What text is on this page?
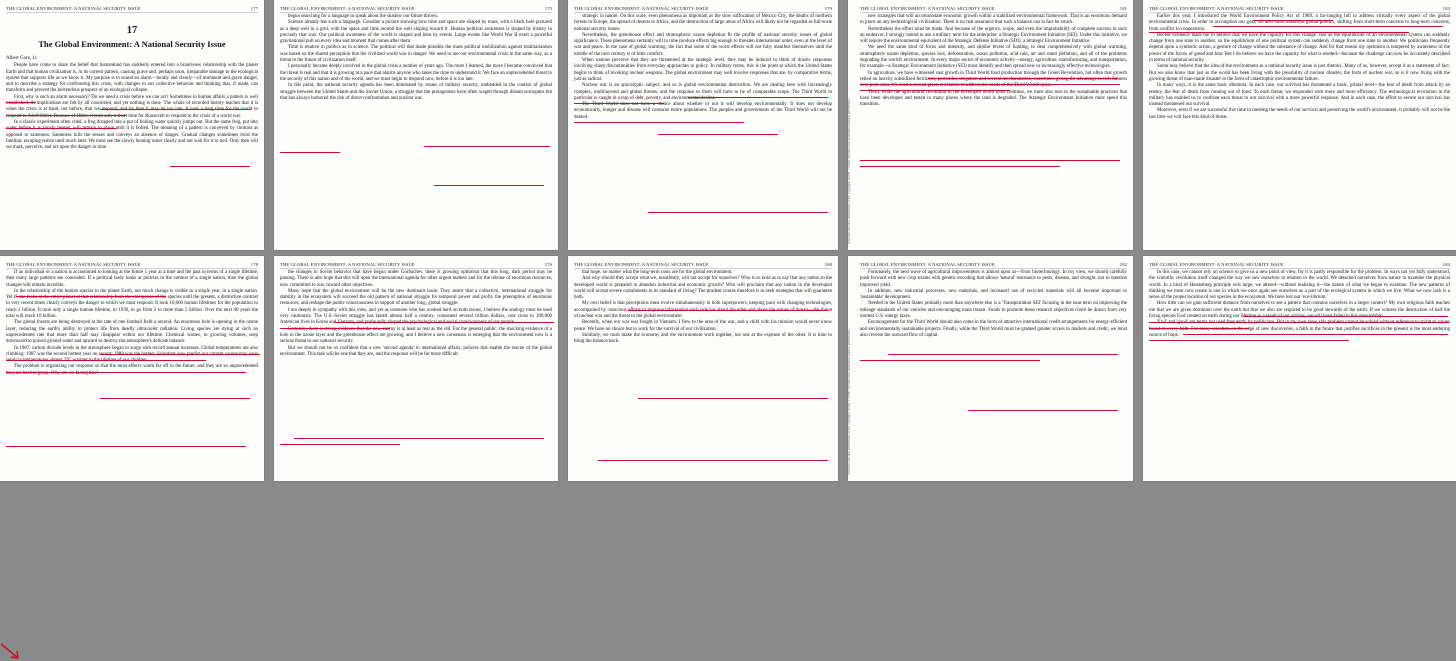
THE GLOBAL ENVIRONMENT: A NATIONAL SECURITY ISSUE	177
17
The Global Environment: A National Security Issue
Albert Gore, Jr.

People have come to share the belief that humankind has suddenly entered into a brand-new relationship with the planet Earth and that human civilization is, in its current pattern, causing grave and, perhaps soon, irreparable damage to the ecological system that supports life as we know it. My purpose is to sound an alarm—loudly and clearly—of imminent and grave danger, and to describe a strategy for confronting this crisis, with changes in our collective behavior and thinking that, if made, can transform and prevent the horrendous prospect of an ecological collapse.

First, why is such an alarm necessary? Do we need a crisis before we can act? Sometimes in human affairs a pattern is well established, its implications are felt by all concerned, and yet nothing is done. The whole of recorded history teaches that it is when the crisis is at hand, not before, that we respond, and by then it may be too late. It took a long time for the world to respond to Adolf Hitler. Because of Hitler, it took only a short time for Roosevelt to respond to the crisis of a world war.

In a classic experiment often cited, a frog dropped into a pot of boiling water quickly jumps out. But the same frog, put into water before it is slowly heated, will remain in place until it is boiled. The meaning of a pattern is conveyed by contrast as opposed to sameness. Sameness lulls the senses and conveys an absence of danger. Gradual changes sometimes twist the familiar, escaping notice until much later. We must see the slowly heating water clearly and not wait for it to boil. Only then will we mark, perceive, and act upon the danger in time.

THE GLOBAL ENVIRONMENT: A NATIONAL SECURITY ISSUE	175

begun searching for a language to speak about the shadow our future throws.

Science already has such a language. Consider a picture showing how time and space are shaped by mass, with a black hole pictured as a deep well in a grid, with the space and time around the well sloping toward it. Human political awareness is shaped by history in precisely that way. Our political awareness of the world is shaped and bent by events. Large events like World War II exert a powerful gravitational pull on every idea and moment that comes after them.

Time is relative in politics as in science. The political will that made possible the mass political mobilization against totalitarianism was based on the shared perception that the civilized world was in danger. We need to see our environmental crisis in the same way, as a threat to the future of civilization itself.

I personally became deeply involved in the global crisis a number of years ago. The more I learned, the more I became convinced that the threat is real and that it is growing at a pace that alarms anyone who takes the time to understand it. We face an unprecedented threat to the security of this nation and of the world, and we must begin to respond now, before it is too late.

In this point, the national security agenda has been dominated by issues of military security, embedded in the context of global struggle between the United States and the Soviet Union, a struggle that the protagonists have often waged through distant surrogates but that has always harbored the risk of direct confrontation and nuclear war.

THE GLOBAL ENVIRONMENT: A NATIONAL SECURITY ISSUE	179

strategic in nature. On this scale, even phenomena as important as the slow suffocation of Mexico City, the deaths of northern forests in Europe, the spread of deserts in Africa, and the destruction of large areas of Africa will likely not be regarded as full-scale national security issues.

Nevertheless, the greenhouse effect and stratospheric ozone depletion fit the profile of national security issues of global significance. These phenomena certainly will in time produce effects big enough to threaten international order, even at the level of war and peace. In the case of global warming, the fact that some of the worst effects will not fully manifest themselves until the middle of the next century is of little comfort.

When nations perceive that they are threatened at the strategic level, they may be induced to think of drastic responses involving sharp discontinuities from everyday approaches to policy. In military terms, this is the point at which the United States begins to think of invoking nuclear weapons. The global environment may well involve responses that are, by comparative terms, just as radical.

Nuclear war is an apocalyptic subject, and so is global environmental destruction. We are dealing here with increasingly complex, multilayered and global threats, and the response to them will have to be of comparable scope. The Third World in particular is caught in a trap of debt, poverty, and environmental decline.

The Third World does not have a choice about whether or not it will develop environmentally. It does not develop economically, hunger and disease will consume entire populations. The peoples and governments of the Third World will not be denied.	Reproduced with permission of the copyright owner. Further reproduction prohibited without permission.
THE GLOBAL ENVIRONMENT: A NATIONAL SECURITY ISSUE	181

new strategies that will accommodate economic growth within a stabilized environmental framework. That is an enormous demand to place on any technological civilization. There is no real assurance that such a balance can in fact be struck.

Nevertheless the effort must be made. And because of the urgency, scope, and even the improbability of complete success in such an endeavor, I strongly intend to use a military term for the enterprise: a Strategic Environment Initiative (SEI). Under this initiative, we will require the environmental equivalent of the Strategic Defense Initiative (SDI), a Strategic Environment Initiative.

We need the same kind of focus and intensity, and similar levels of funding, to deal comprehensively with global warming, stratospheric ozone depletion, species loss, deforestation, ocean pollution, acid rain, air and water pollution, and all of the problems degrading the world's environment. In every major sector of economic activity—energy, agriculture, manufacturing, and transportation, for example—a Strategic Environment Initiative (SEI) must identify and then spread new or increasingly effective technologies.

In agriculture, we have witnessed vast growth in Third World food production through the Green Revolution, but often that growth relied on heavily subsidized fertilizers, pesticides, irrigation and several mechanization, sometimes giving the advantage to rich farmers over poor ones. We need a second green revolution to address the needs of the Third World's poor.

Third, while the agricultural revolution in the developed world must continue, we must also turn to the sustainable practices that have been developed and tested in many places where the land is degraded. The Strategic Environment Initiative must speed this transition.

THE GLOBAL ENVIRONMENT: A NATIONAL SECURITY ISSUE	183

Earlier this year, I introduced the World Environment Policy Act of 1989, a far-ranging bill to address virtually every aspect of the global environmental crisis. In order to accomplish our goal, we also must transform global politics, shifting from short-term concerns to long-term concerns, from conflict to cooperation.

Recent evidence leads me to believe that we have the capacity for this change. Just as the equilibrium of an environmental system can suddenly change from one state to another, so the equilibrium of one political system can suddenly change from one state to another. We politicians frequently depend upon a symbolic action, a gesture of change without the substance of change. And for that reason my optimism is tempered by awareness of the power of the forces of greed and fear. But I do believe we have the capacity for what is needed—because the challenge can now be accurately described in terms of national security.

Some may believe that the idea of the environment as a national security issue is just rhetoric. Many of us, however, accept it as a statement of fact. But we also know that just as the world has been living with the possibility of nuclear disaster, the form of nuclear war, so is it now living with the growing threat of man-made disaster in the form of catastrophic environmental failure.

In many ways, it is the same basic dilemma. In each case, our survival has threatened a basic, primal level—the fear of death from attack by an enemy, the fear of death from running out of food. To each threat, we responded with more and more efficiency. The technological revolution in the military has enabled us to confront each threat to our survival with a more powerful response. And in each case, the effort to secure our survival has instead threatened our survival.

Moreover, even if we are successful this time in meeting the needs of our survival and preserving the world's environment, it probably will not be the last time we will face this kind of threat.

THE GLOBAL ENVIRONMENT: A NATIONAL SECURITY ISSUE	178

If an individual or a nation is accustomed to looking at the future 1 year at a time and the past in terms of a single lifetime, then many large patterns are concealed. If a political body looks at policies in the context of a single nation, then the global changes will remain invisible.

In the relationship of the human species to the planet Earth, not much change is visible in a single year, in a single nation. Yet if one looks at the entire planet at that relationship from the emergence of the species until the present, a distinctive contrast in very recent times clearly conveys the danger to which we must respond. It took 10,000 human lifetimes for the population to reach 2 billion. It took only a single human lifetime, to 1930, to go from 2 to more than 5 billion. Over the next 40 years the total will reach 10 billion.

The global forests are being destroyed at the rate of one football field a second. An enormous hole is opening in the ozone layer, reducing the earth's ability to protect life from deadly ultraviolet radiation. Living species are dying at such an unprecedented rate that more than half may disappear within our lifetime. Chemical wastes, in growing volumes, seep downward to poison ground water and upward to destroy the atmosphere's delicate balance.

In 1987, carbon dioxide levels in the atmosphere began to surge with record annual increases. Global temperatures are also climbing: 1987 was the second hottest year on record; 1988 was the hottest. Scientists now predict our current course may soon result in temperatures almost 3°C warmer in the lifetime of our children.

The problem is organizing our response so that the most effects warm far off in the future, and they are so unprecedented they are hard to grasp. Why are we facing this?

THE GLOBAL ENVIRONMENT: A NATIONAL SECURITY ISSUE	176

the changes in Soviet behavior that have begun under Gorbachev, there is growing optimism that this long, dark period may be passing. There is also hope that this will open the international agenda for other urgent matters and for the release of enormous resources, now committed to war, toward other objectives.

Many hope that the global environment will be the new dominant issue. They assert that a collective, international struggle for stability in the ecosystem will succeed the old pattern of national struggle for temporal power and profit, the preemption of enormous resources, and reshape the public consciousness in support of another long, global struggle.

I am deeply in sympathy with this view, and yet as someone who has worked hard on both issues, I believe the analogy must be used very cautiously. The U.S.-Soviet struggle has lasted almost half a century, consumed several trillion dollars, cost close to 100,000 American lives in Korea and Vietnam, and profoundly shaped the psychological and social consciousness of our people.

Certainly, there is strong evidence that the new enemy is at least as real as the old. For the general public, the shocking evidence of a hole in the ozone layer and the greenhouse effect are growing, and I believe a new consensus is emerging that the environment now is a serious threat to our national security.

But we should not be so confident that a new 'second agenda' in international affairs, policies that enable the rescue of the global environment. This task will be one that they are, and the response will be far more difficult.

THE GLOBAL ENVIRONMENT: A NATIONAL SECURITY ISSUE	180

that hope, no matter what the long-term costs are for the global environment.

And why should they accept what we, manifestly, will not accept for ourselves? Who is so bold as to say that any nation in the developed world is prepared to abandon industrial and economic growth? Who will proclaim that any nation in the developed world will accept severe curtailments in its standard of living? The prudent course therefore is to seek strategies that will guarantee both.

My own belief is that perceptions must evolve simultaneously in both superpowers, keeping pace with changing technologies, accompanied by conscious efforts to improve information each side has about the other and about the nature of threats—the threat of nuclear war and the threat to the global environment.

Recently, when our war was fought in Vietnam, I flew to the area of the war, and a child with his mission would never know peace. We have no choice but to work for the survival of our civilization.

Similarly, we must make the economy and the environment work together, not one at the expense of the other. It is time to bring the balance back.	Reproduced with permission of the copyright owner. Further reproduction prohibited without permission.
THE GLOBAL ENVIRONMENT: A NATIONAL SECURITY ISSUE	182

Fortunately, the next wave of agricultural improvements is almost upon us—from biotechnology. In my view, we should carefully push forward with new crop strains with genetic encoding that allows 'natural' resistance to pests, disease, and drought, not to mention improved yield.

In addition, new industrial processes, new materials, and increased use of recycled materials will all become important to 'sustainable' development.

Needed in the United States probably more than anywhere else is a 'Transportation SEI' focusing in the near term on improving the mileage standards of our vehicles and encouraging mass transit. Funds to promote these research objectives could be drawn from very modest U.S. energy taxes.

Encouragement for the Third World should also come in the form of attractive international credit arrangements for energy-efficient and environmentally sustainable projects. Finally, while the Third World must be granted greater access to markets and credit, we must also reverse the outward flow of capital.

THE GLOBAL ENVIRONMENT: A NATIONAL SECURITY ISSUE	184

In this case, we cannot rely on science to give us a new point of view, for it is partly responsible for the problem. In ways not yet fully understood, the scientific revolution itself changed the way we saw ourselves in relation to the world. We detached ourselves from nature to examine the physical world. In a kind of Heisenberg principle writ large, we altered—without realizing it—the nature of what we began to examine. The new patterns of thinking we must now create is one in which we once again see ourselves as a part of the ecological system in which we live. What we now lack is a sense of the proper location of our species in the ecosystem. We have lost our 'eco-librium.'

How then can we gain sufficient distance from ourselves to see a pattern that contains ourselves in a larger context? My own religious faith teaches me that we are given dominion over the earth but that we also are required to be good stewards of the earth. If we witness the destruction of half the living species God created on earth during our lifetime as a result of our actions, we will have failed in this stewardship.

'Evil' and 'good' are terms not used frequently by politicians. But in my own view, this problem cannot be solved without reference to spiritual values found in every faith. For many scientists on the edge of new discoveries, a faith in the future that justifies sacrifices in the present is the most enduring source of hope.
